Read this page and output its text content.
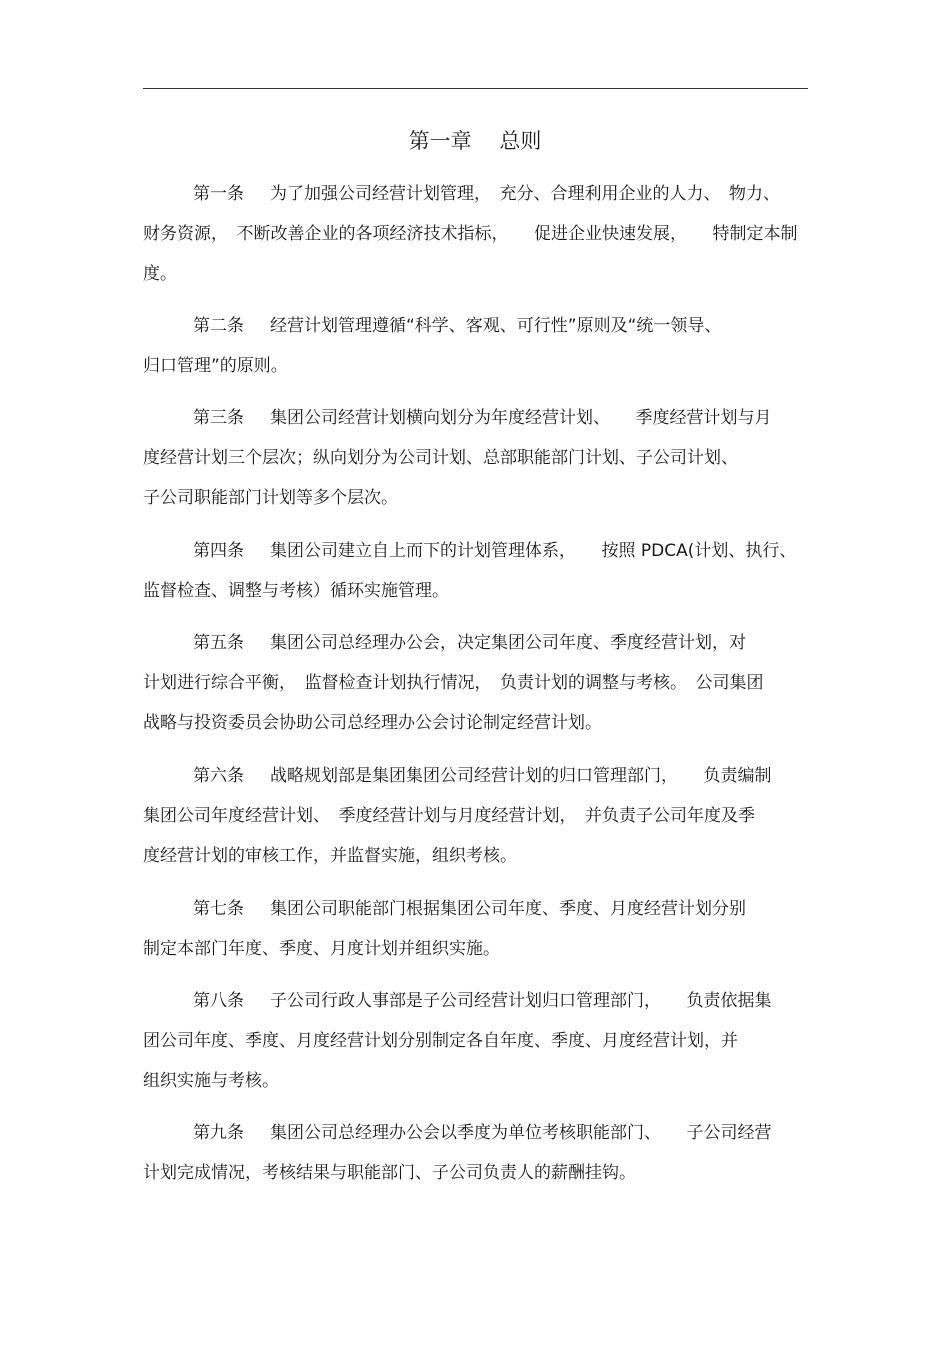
第一章　 总则
第一条 为了加强公司经营计划管理，　充分、合理利用企业的人力、　物力、
财务资源，　不断改善企业的各项经济技术指标，　　促进企业快速发展，　　特制定本制
度。
第二条 经营计划管理遵循“科学、客观、可行性”原则及“统一领导、
归口管理”的原则。
第三条 集团公司经营计划横向划分为年度经营计划、　　季度经营计划与月
度经营计划三个层次；纵向划分为公司计划、总部职能部门计划、子公司计划、
子公司职能部门计划等多个层次。
第四条 集团公司建立自上而下的计划管理体系，　　按照 PDCA(计划、执行、
监督检查、调整与考核）循环实施管理。
第五条 集团公司总经理办公会，决定集团公司年度、季度经营计划，对
计划进行综合平衡，　监督检查计划执行情况，　负责计划的调整与考核。　公司集团
战略与投资委员会协助公司总经理办公会讨论制定经营计划。
第六条 战略规划部是集团集团公司经营计划的归口管理部门，　　负责编制
集团公司年度经营计划、　季度经营计划与月度经营计划，　并负责子公司年度及季
度经营计划的审核工作，并监督实施，组织考核。
第七条 集团公司职能部门根据集团公司年度、季度、月度经营计划分别
制定本部门年度、季度、月度计划并组织实施。
第八条 子公司行政人事部是子公司经营计划归口管理部门，　　负责依据集
团公司年度、季度、月度经营计划分别制定各自年度、季度、月度经营计划，并
组织实施与考核。
第九条 集团公司总经理办公会以季度为单位考核职能部门、　　子公司经营
计划完成情况，考核结果与职能部门、子公司负责人的薪酬挂钩。
